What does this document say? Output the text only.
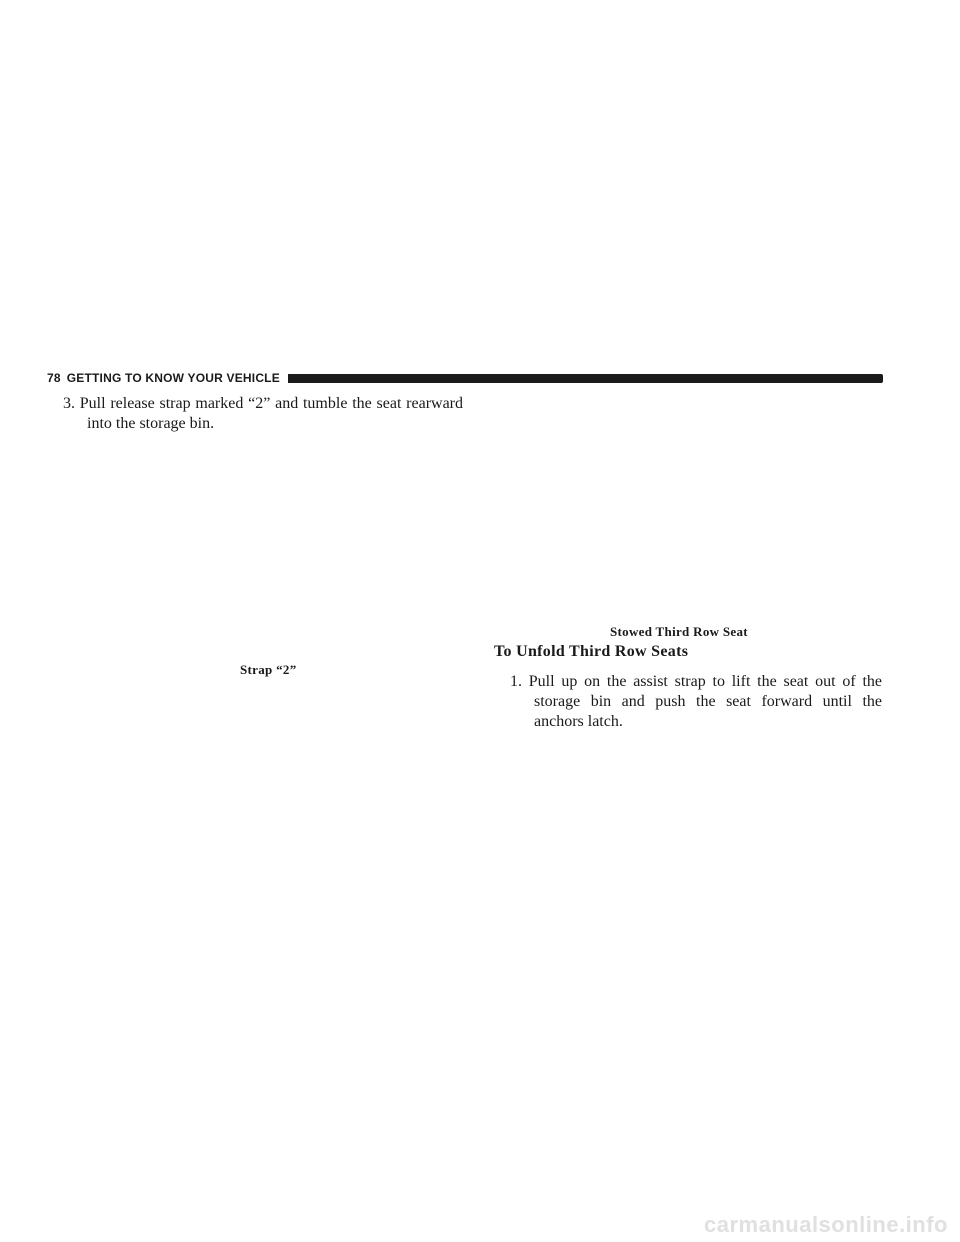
78 GETTING TO KNOW YOUR VEHICLE
3. Pull release strap marked “2” and tumble the seat rearward into the storage bin.
Strap “2”
Stowed Third Row Seat
To Unfold Third Row Seats
1. Pull up on the assist strap to lift the seat out of the storage bin and push the seat forward until the anchors latch.
carmanualsonline.info
